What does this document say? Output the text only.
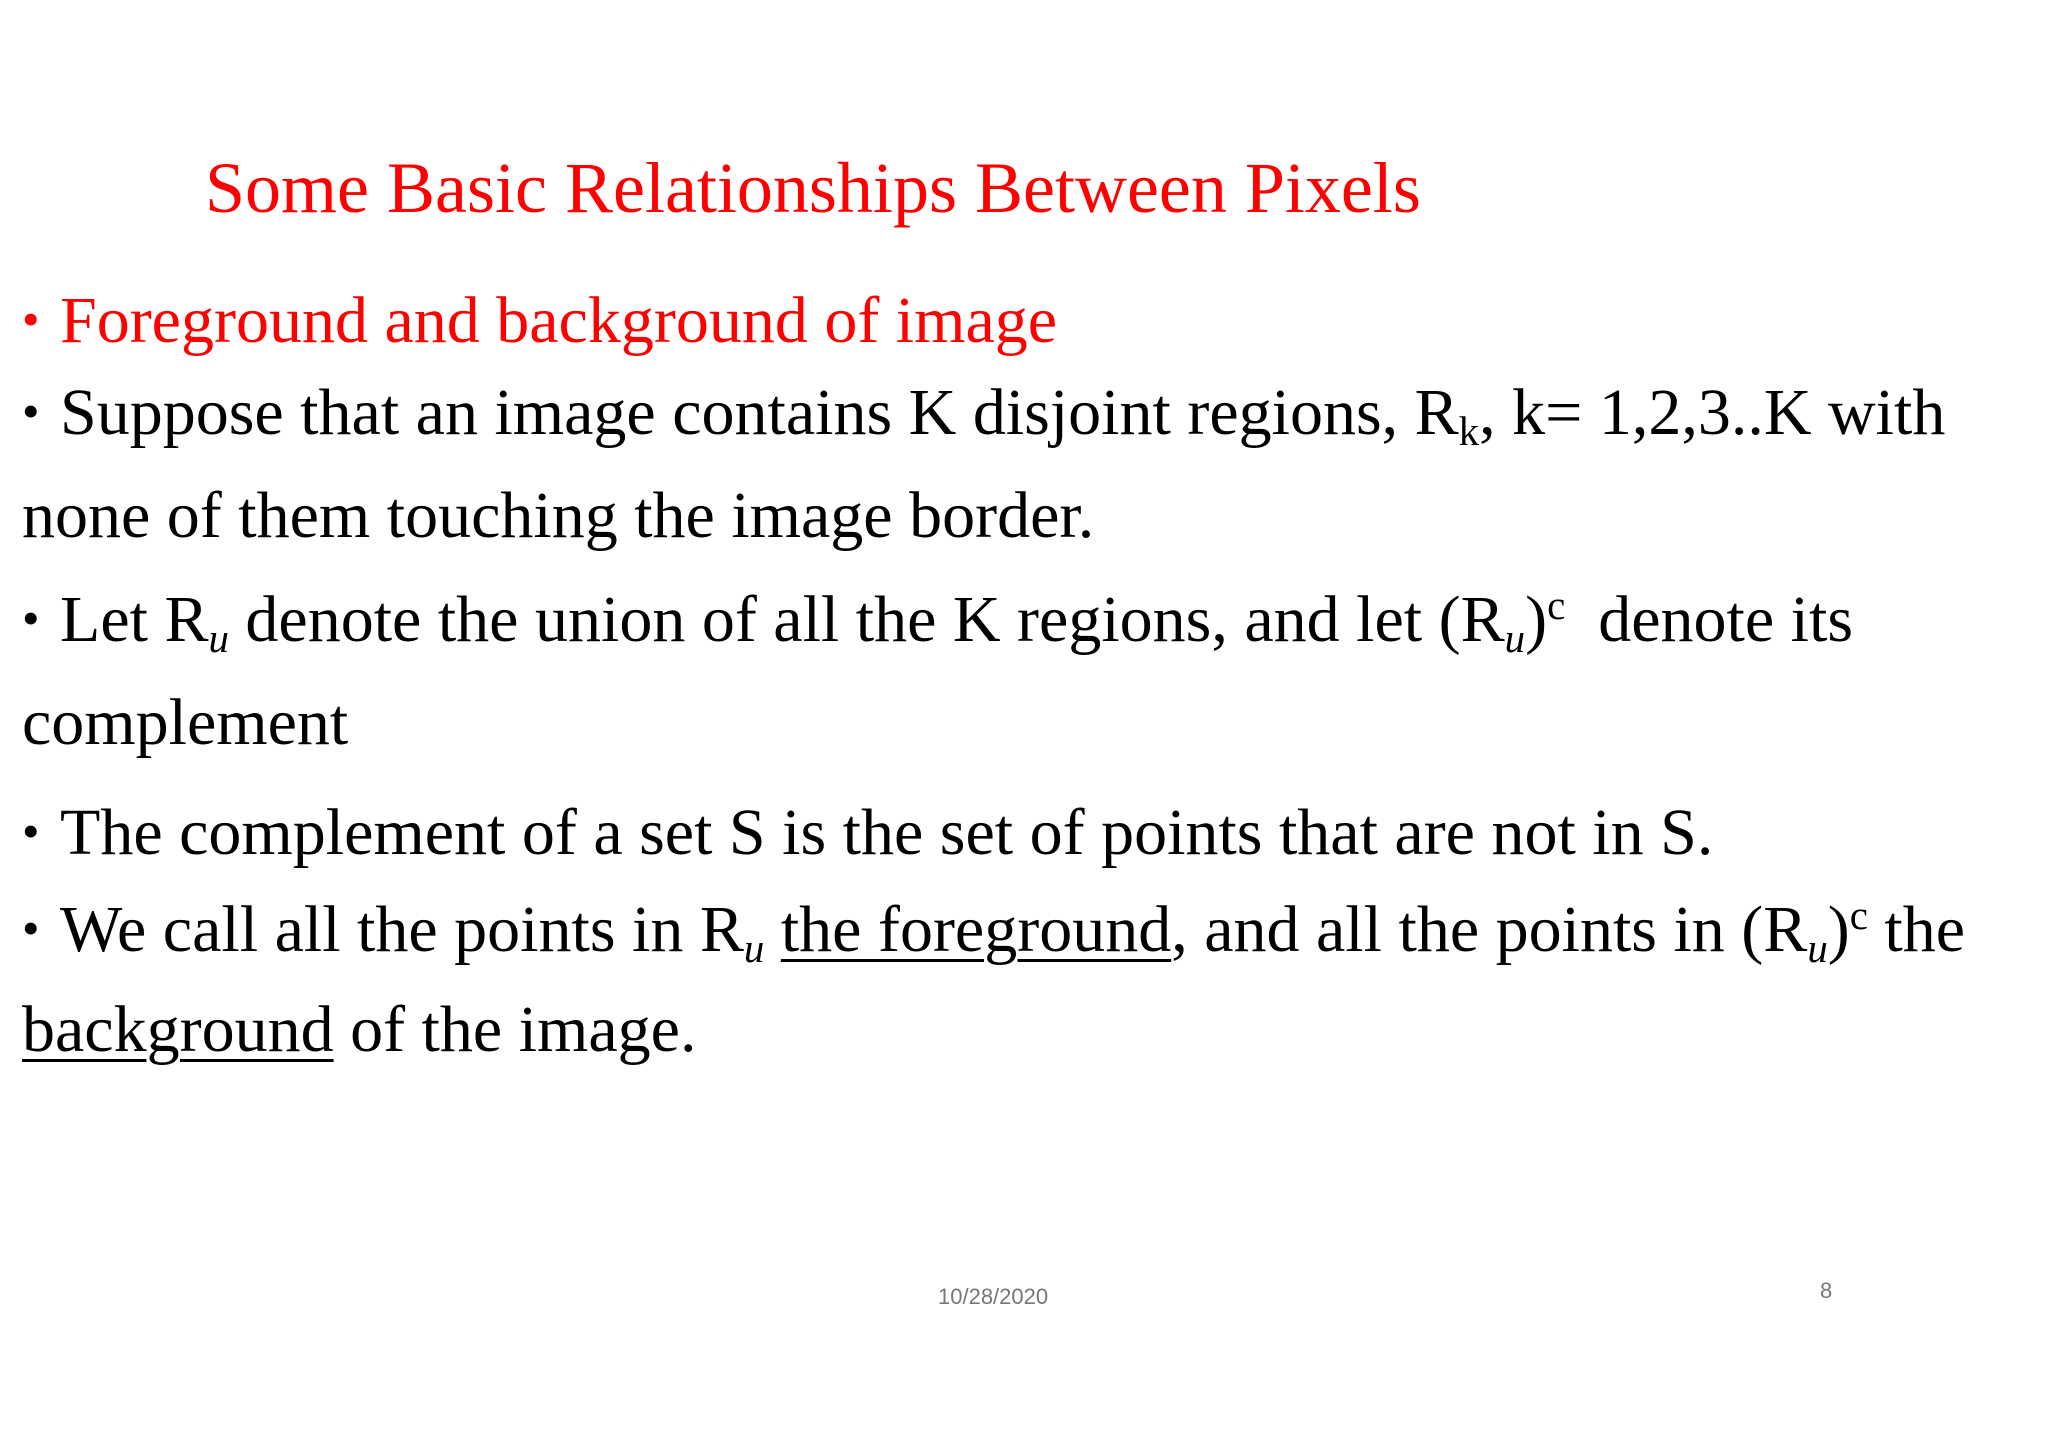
Some Basic Relationships Between Pixels
• Foreground and background of image
• Suppose that an image contains K disjoint regions, $R_k$, k= 1,2,3..K with
none of them touching the image border.
• Let $R_u$ denote the union of all the K regions, and let $(R_u)^c$  denote its
complement
• The complement of a set S is the set of points that are not in S.
• We call all the points in $R_u$ the foreground, and all the points in $(R_u)^c$ the
background of the image.
10/28/2020	8
